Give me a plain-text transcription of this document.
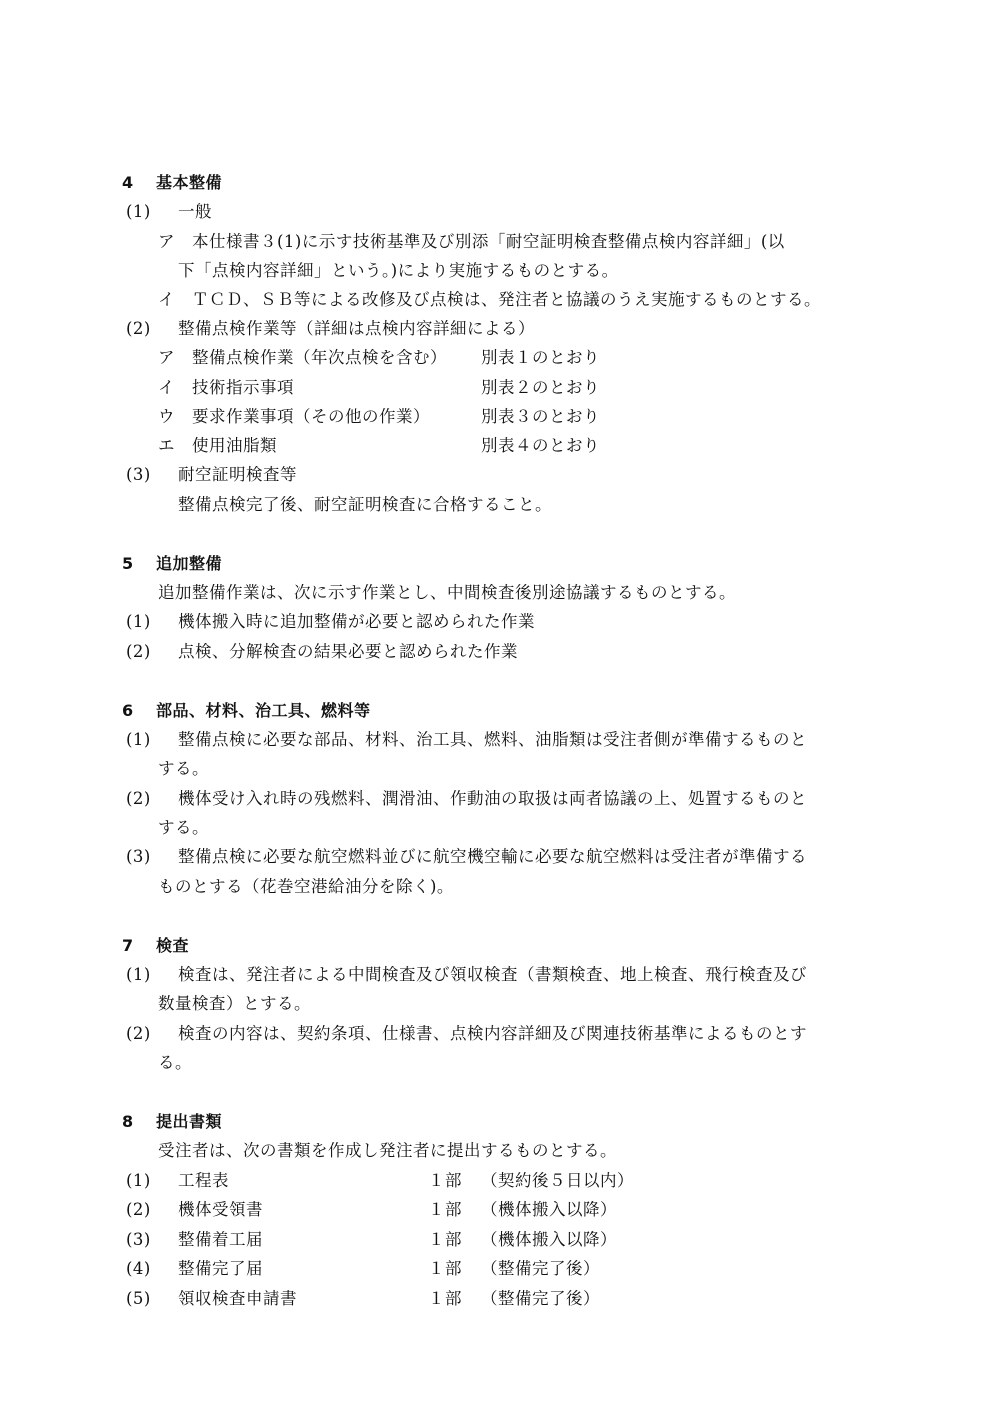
4 基本整備
(1) 一般
ア　本仕様書３(1)に示す技術基準及び別添「耐空証明検査整備点検内容詳細」(以
下「点検内容詳細」という。)により実施するものとする。
イ　ＴＣＤ、ＳＢ等による改修及び点検は、発注者と協議のうえ実施するものとする。
(2) 整備点検作業等（詳細は点検内容詳細による）
ア　整備点検作業（年次点検を含む） 別表１のとおり
イ　技術指示事項	別表２のとおり
ウ　要求作業事項（その他の作業）	別表３のとおり
エ　使用油脂類	別表４のとおり
(3) 耐空証明検査等
整備点検完了後、耐空証明検査に合格すること。
5 追加整備
追加整備作業は、次に示す作業とし、中間検査後別途協議するものとする。
(1) 機体搬入時に追加整備が必要と認められた作業
(2) 点検、分解検査の結果必要と認められた作業
6 部品、材料、治工具、燃料等
(1) 整備点検に必要な部品、材料、治工具、燃料、油脂類は受注者側が準備するものと
する。
(2) 機体受け入れ時の残燃料、潤滑油、作動油の取扱は両者協議の上、処置するものと
する。
(3) 整備点検に必要な航空燃料並びに航空機空輸に必要な航空燃料は受注者が準備する
ものとする（花巻空港給油分を除く)。
7 検査
(1) 検査は、発注者による中間検査及び領収検査（書類検査、地上検査、飛行検査及び
数量検査）とする。
(2) 検査の内容は、契約条項、仕様書、点検内容詳細及び関連技術基準によるものとす
る。
8 提出書類
受注者は、次の書類を作成し発注者に提出するものとする。
(1) 工程表	１部 （契約後５日以内）
(2) 機体受領書	１部 （機体搬入以降）
(3) 整備着工届	１部 （機体搬入以降）
(4) 整備完了届	１部 （整備完了後）
(5) 領収検査申請書	１部 （整備完了後）
